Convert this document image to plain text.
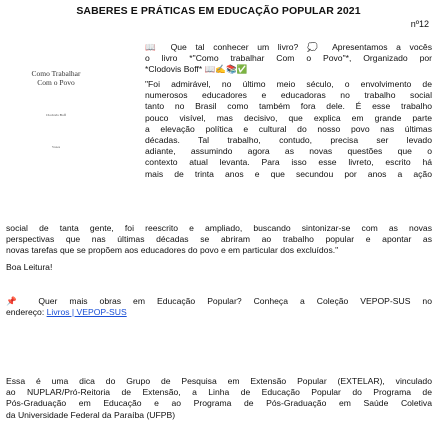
SABERES E PRÁTICAS EM EDUCAÇÃO POPULAR 2021
nº12
Como Trabalhar
Com o Povo
Clodovis Boff
Vozes
📖 Que tal conhecer um livro? 💭 Apresentamos a vocês
o livro *"Como trabalhar Com o Povo"*, Organizado por
*Clodovis Boff* 📖✍📚✅
"Foi admirável, no último meio século, o envolvimento de
numerosos educadores e educadoras no trabalho social
tanto no Brasil como também fora dele. É esse trabalho
pouco visível, mas decisivo, que explica em grande parte
a elevação política e cultural do nosso povo nas últimas
décadas. Tal trabalho, contudo, precisa ser levado
adiante, assumindo agora as novas questões que o
contexto atual levanta. Para isso esse livreto, escrito há
mais de trinta anos e que secundou por anos a ação
social de tanta gente, foi reescrito e ampliado, buscando sintonizar-se com as novas
perspectivas que nas últimas décadas se abriram ao trabalho popular e apontar as
novas tarefas que se propõem aos educadores do povo e em particular dos excluídos."
Boa Leitura!
📌 Quer mais obras em Educação Popular? Conheça a Coleção VEPOP-SUS no
endereço: Livros | VEPOP-SUS
Essa é uma dica do Grupo de Pesquisa em Extensão Popular (EXTELAR), vinculado
ao NUPLAR/Pró-Reitoria de Extensão, a Linha de Educação Popular do Programa de
Pós-Graduação em Educação e ao Programa de Pós-Graduação em Saúde Coletiva
da Universidade Federal da Paraíba (UFPB)
